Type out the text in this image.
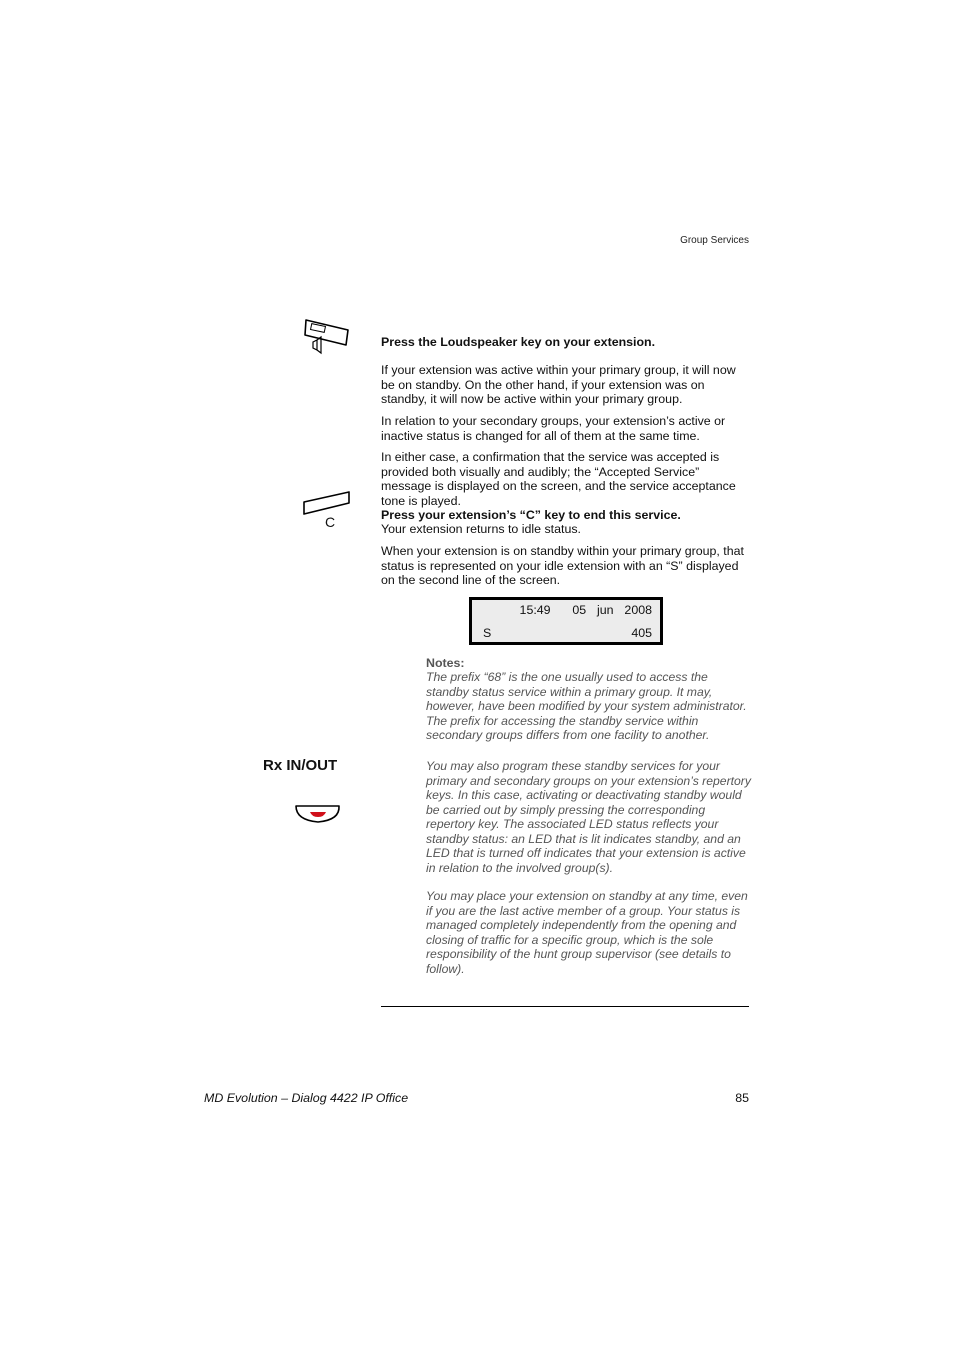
Group Services
Press the Loudspeaker key on your extension.

If your extension was active within your primary group, it will now be on standby. On the other hand, if your extension was on standby, it will now be active within your primary group.

In relation to your secondary groups, your extension’s active or inactive status is changed for all of them at the same time.

In either case, a confirmation that the service was accepted is provided both visually and audibly; the “Accepted Service” message is displayed on the screen, and the service acceptance tone is played.

C	Press your extension’s “C” key to end this service.
Your extension returns to idle status.

When your extension is on standby within your primary group, that status is represented on your idle extension with an “S” displayed on the second line of the screen.

15:49 05  jun  2008
S	405
Notes:

The prefix “68” is the one usually used to access the standby status service within a primary group. It may, however, have been modified by your system administrator. The prefix for accessing the standby service within secondary groups differs from one facility to another.

Rx IN/OUT	You may also program these standby services for your primary and secondary groups on your extension’s repertory keys. In this case, activating or deactivating standby would be carried out by simply pressing the corresponding repertory key. The associated LED status reflects your standby status: an LED that is lit indicates standby, and an LED that is turned off indicates that your extension is active in relation to the involved group(s).

You may place your extension on standby at any time, even if you are the last active member of a group. Your status is managed completely independently from the opening and closing of traffic for a specific group, which is the sole responsibility of the hunt group supervisor (see details to follow).

MD Evolution – Dialog 4422 IP Office	85
